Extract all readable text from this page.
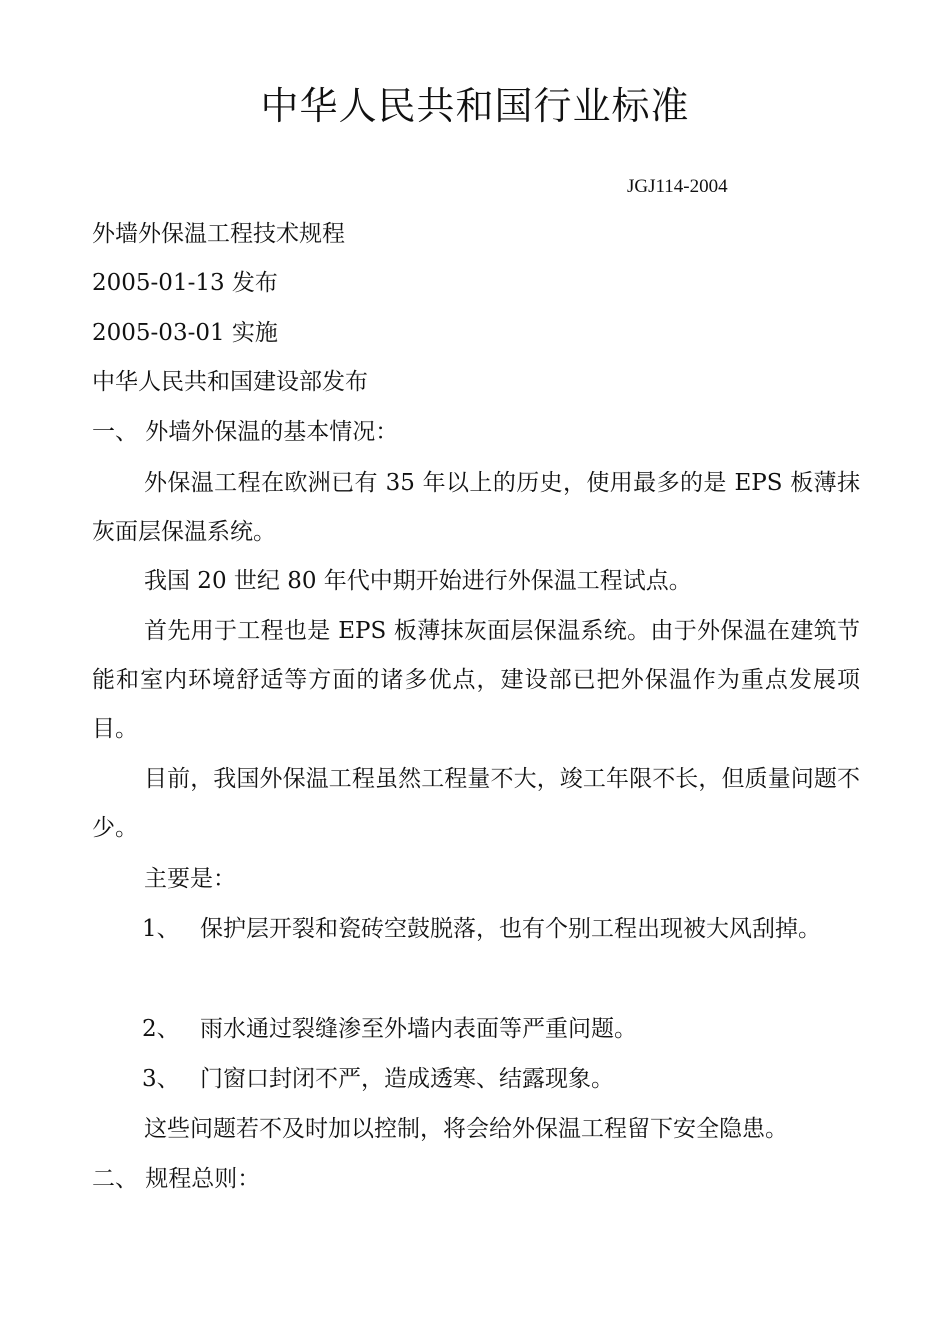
中华人民共和国行业标准
JGJ114-2004
外墙外保温工程技术规程
2005-01-13 发布
2005-03-01 实施
中华人民共和国建设部发布
一、 外墙外保温的基本情况：
外保温工程在欧洲已有 35 年以上的历史，使用最多的是 EPS 板薄抹灰面层保温系统。
我国 20 世纪 80 年代中期开始进行外保温工程试点。
首先用于工程也是 EPS 板薄抹灰面层保温系统。由于外保温在建筑节能和室内环境舒适等方面的诸多优点，建设部已把外保温作为重点发展项目。
目前，我国外保温工程虽然工程量不大，竣工年限不长，但质量问题不少。
主要是：
1、 保护层开裂和瓷砖空鼓脱落，也有个别工程出现被大风刮掉。
2、 雨水通过裂缝渗至外墙内表面等严重问题。
3、 门窗口封闭不严，造成透寒、结露现象。
这些问题若不及时加以控制，将会给外保温工程留下安全隐患。
二、 规程总则：
